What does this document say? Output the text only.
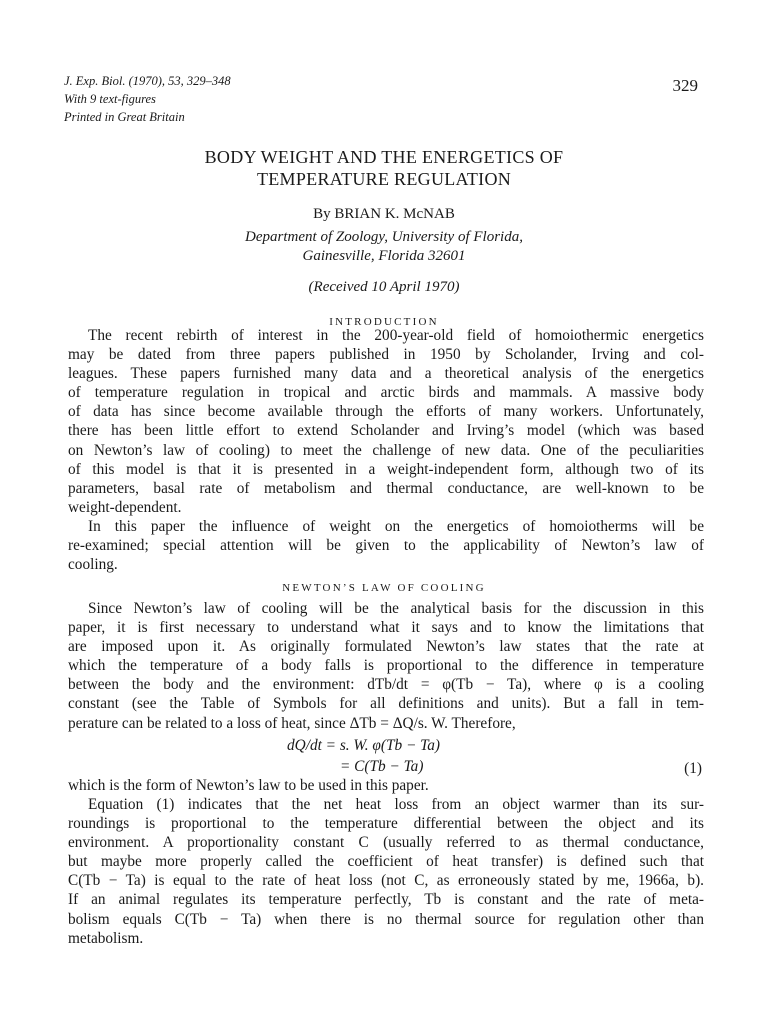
J. Exp. Biol. (1970), 53, 329–348
With 9 text-figures
Printed in Great Britain
329
BODY WEIGHT AND THE ENERGETICS OF
TEMPERATURE REGULATION
By BRIAN K. McNAB
Department of Zoology, University of Florida,
Gainesville, Florida 32601
(Received 10 April 1970)
INTRODUCTION
The recent rebirth of interest in the 200-year-old field of homoiothermic energetics
may be dated from three papers published in 1950 by Scholander, Irving and col-
leagues. These papers furnished many data and a theoretical analysis of the energetics
of temperature regulation in tropical and arctic birds and mammals. A massive body
of data has since become available through the efforts of many workers. Unfortunately,
there has been little effort to extend Scholander and Irving’s model (which was based
on Newton’s law of cooling) to meet the challenge of new data. One of the peculiarities
of this model is that it is presented in a weight-independent form, although two of its
parameters, basal rate of metabolism and thermal conductance, are well-known to be
weight-dependent.
In this paper the influence of weight on the energetics of homoiotherms will be
re-examined; special attention will be given to the applicability of Newton’s law of
cooling.
NEWTON’S LAW OF COOLING
Since Newton’s law of cooling will be the analytical basis for the discussion in this
paper, it is first necessary to understand what it says and to know the limitations that
are imposed upon it. As originally formulated Newton’s law states that the rate at
which the temperature of a body falls is proportional to the difference in temperature
between the body and the environment: dTb/dt = φ(Tb − Ta), where φ is a cooling
constant (see the Table of Symbols for all definitions and units). But a fall in tem-
perature can be related to a loss of heat, since ΔTb = ΔQ/s. W. Therefore,
dQ/dt = s. W. φ(Tb − Ta)
= C(Tb − Ta)	(1)
which is the form of Newton’s law to be used in this paper.
Equation (1) indicates that the net heat loss from an object warmer than its sur-
roundings is proportional to the temperature differential between the object and its
environment. A proportionality constant C (usually referred to as thermal conductance,
but maybe more properly called the coefficient of heat transfer) is defined such that
C(Tb − Ta) is equal to the rate of heat loss (not C, as erroneously stated by me, 1966a, b).
If an animal regulates its temperature perfectly, Tb is constant and the rate of meta-
bolism equals C(Tb − Ta) when there is no thermal source for regulation other than
metabolism.
